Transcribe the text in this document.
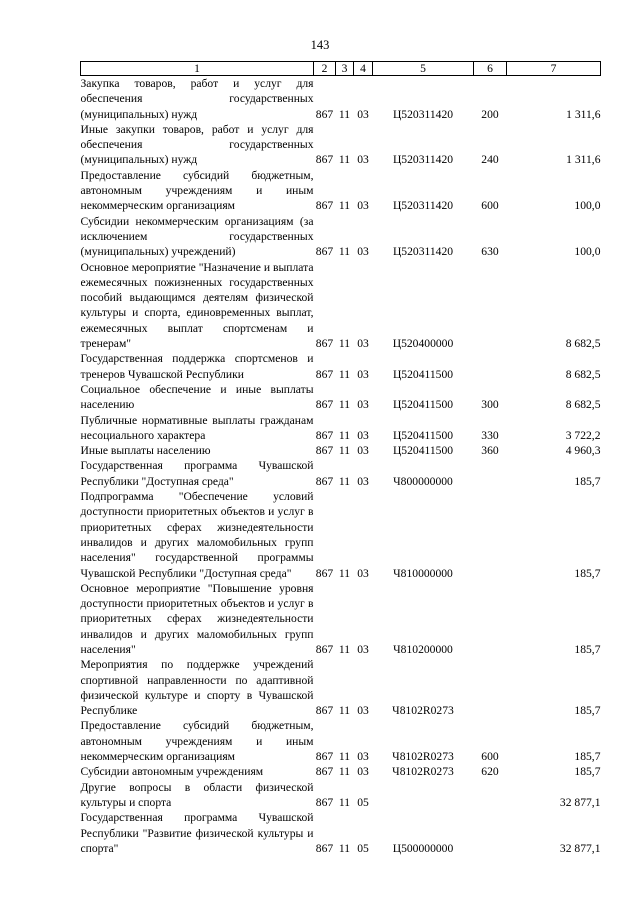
143
1	2	3	4	5	6	7
Закупка товаров, работ и услуг для обеспечения государственных (муниципальных) нужд	867	11	03	Ц520311420	200	1 311,6
Иные закупки товаров, работ и услуг для обеспечения государственных (муниципальных) нужд	867	11	03	Ц520311420	240	1 311,6
Предоставление субсидий бюджетным, автономным учреждениям и иным некоммерческим организациям	867	11	03	Ц520311420	600	100,0
Субсидии некоммерческим организациям (за исключением государственных (муниципальных) учреждений)	867	11	03	Ц520311420	630	100,0
Основное мероприятие "Назначение и выплата ежемесячных пожизненных государственных пособий выдающимся деятелям физической культуры и спорта, единовременных выплат, ежемесячных выплат спортсменам и тренерам"	867	11	03	Ц520400000		8 682,5
Государственная поддержка спортсменов и тренеров Чувашской Республики	867	11	03	Ц520411500		8 682,5
Социальное обеспечение и иные выплаты населению	867	11	03	Ц520411500	300	8 682,5
Публичные нормативные выплаты гражданам несоциального характера	867	11	03	Ц520411500	330	3 722,2
Иные выплаты населению	867	11	03	Ц520411500	360	4 960,3
Государственная программа Чувашской Республики "Доступная среда"	867	11	03	Ч800000000		185,7
Подпрограмма "Обеспечение условий доступности приоритетных объектов и услуг в приоритетных сферах жизнедеятельности инвалидов и других маломобильных групп населения" государственной программы Чувашской Республики "Доступная среда"	867	11	03	Ч810000000		185,7
Основное мероприятие "Повышение уровня доступности приоритетных объектов и услуг в приоритетных сферах жизнедеятельности инвалидов и других маломобильных групп населения"	867	11	03	Ч810200000		185,7
Мероприятия по поддержке учреждений спортивной направленности по адаптивной физической культуре и спорту в Чувашской Республике	867	11	03	Ч8102R0273		185,7
Предоставление субсидий бюджетным, автономным учреждениям и иным некоммерческим организациям	867	11	03	Ч8102R0273	600	185,7
Субсидии автономным учреждениям	867	11	03	Ч8102R0273	620	185,7
Другие вопросы в области физической культуры и спорта	867	11	05			32 877,1
Государственная программа Чувашской Республики "Развитие физической культуры и спорта"	867	11	05	Ц500000000		32 877,1
